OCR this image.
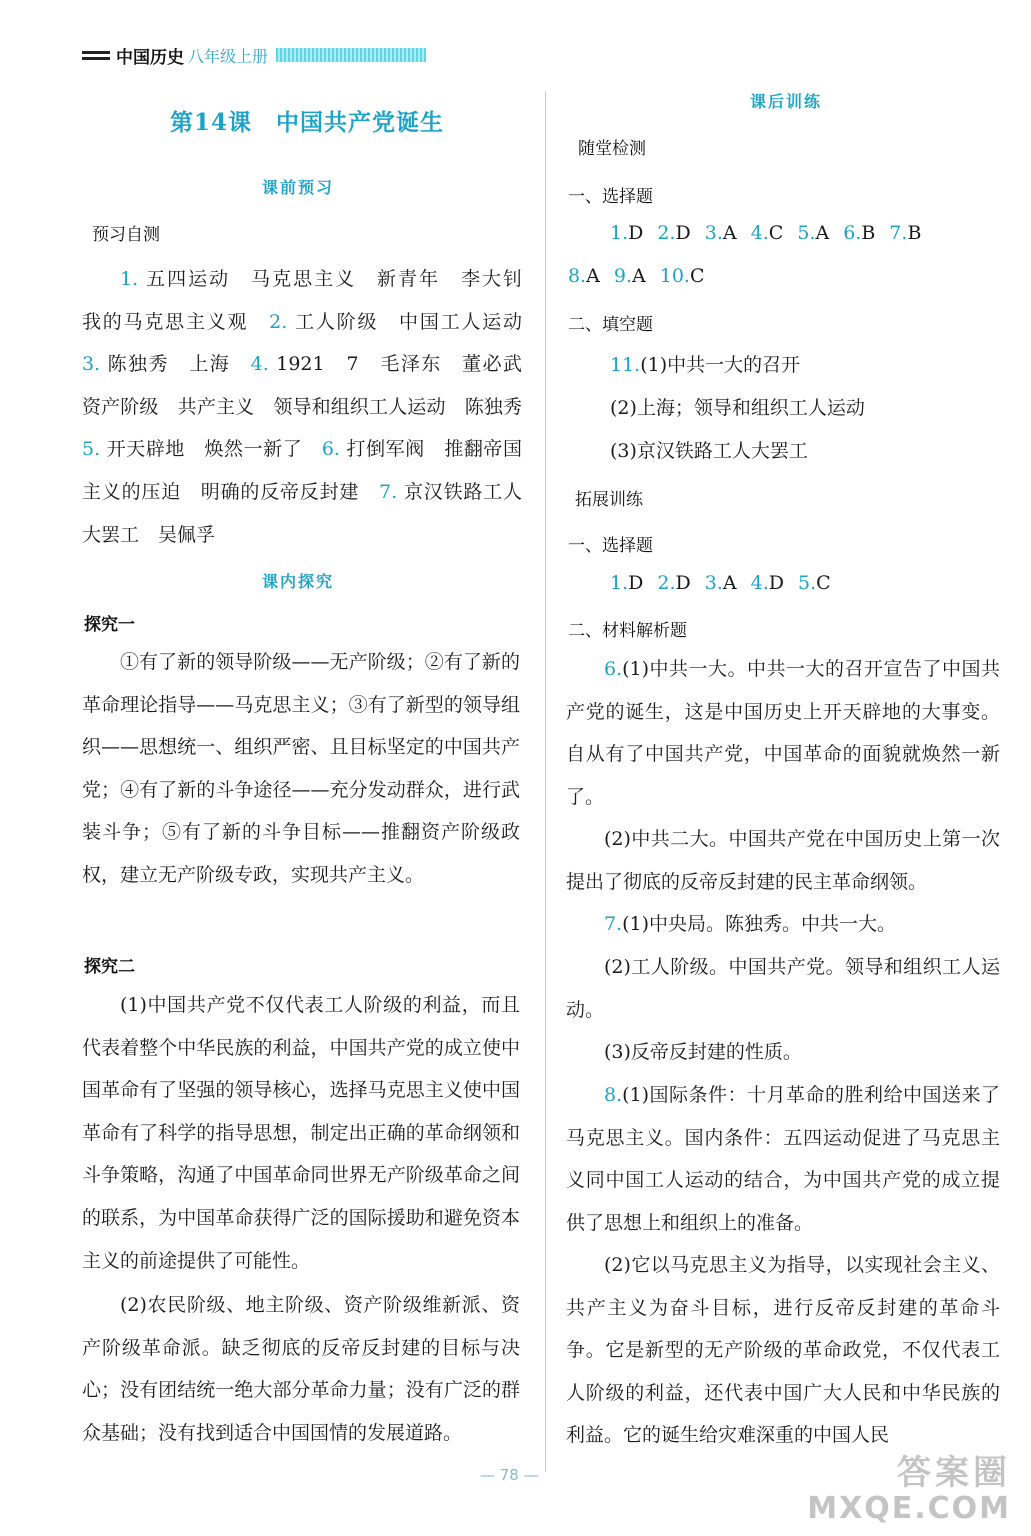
中国历史 八年级上册
第14课　中国共产党诞生
课前预习
预习自测
1. 五四运动　马克思主义　新青年　李大钊　我的马克思主义观　2. 工人阶级　中国工人运动　3. 陈独秀　上海　4. 1921　7　毛泽东　董必武　资产阶级　共产主义　领导和组织工人运动　陈独秀　5. 开天辟地　焕然一新了　6. 打倒军阀　推翻帝国主义的压迫　明确的反帝反封建　7. 京汉铁路工人大罢工　吴佩孚
课内探究
探究一
①有了新的领导阶级——无产阶级；②有了新的革命理论指导——马克思主义；③有了新型的领导组织——思想统一、组织严密、且目标坚定的中国共产党；④有了新的斗争途径——充分发动群众，进行武装斗争；⑤有了新的斗争目标——推翻资产阶级政权，建立无产阶级专政，实现共产主义。
探究二
(1)中国共产党不仅代表工人阶级的利益，而且代表着整个中华民族的利益，中国共产党的成立使中国革命有了坚强的领导核心，选择马克思主义使中国革命有了科学的指导思想，制定出正确的革命纲领和斗争策略，沟通了中国革命同世界无产阶级革命之间的联系，为中国革命获得广泛的国际援助和避免资本主义的前途提供了可能性。
(2)农民阶级、地主阶级、资产阶级维新派、资产阶级革命派。缺乏彻底的反帝反封建的目标与决心；没有团结统一绝大部分革命力量；没有广泛的群众基础；没有找到适合中国国情的发展道路。
课后训练
随堂检测
一、选择题
1.D 2.D 3.A 4.C 5.A 6.B 7.B
8.A 9.A 10.C
二、填空题
11.(1)中共一大的召开
(2)上海；领导和组织工人运动
(3)京汉铁路工人大罢工
拓展训练
一、选择题
1.D 2.D 3.A 4.D 5.C
二、材料解析题
6.(1)中共一大。中共一大的召开宣告了中国共产党的诞生，这是中国历史上开天辟地的大事变。自从有了中国共产党，中国革命的面貌就焕然一新了。
(2)中共二大。中国共产党在中国历史上第一次提出了彻底的反帝反封建的民主革命纲领。
7.(1)中央局。陈独秀。中共一大。
(2)工人阶级。中国共产党。领导和组织工人运动。
(3)反帝反封建的性质。
8.(1)国际条件：十月革命的胜利给中国送来了马克思主义。国内条件：五四运动促进了马克思主义同中国工人运动的结合，为中国共产党的成立提供了思想上和组织上的准备。
(2)它以马克思主义为指导，以实现社会主义、共产主义为奋斗目标，进行反帝反封建的革命斗争。它是新型的无产阶级的革命政党，不仅代表工人阶级的利益，还代表中国广大人民和中华民族的利益。它的诞生给灾难深重的中国人民
— 78 —	答案圈
MXQE.COM
